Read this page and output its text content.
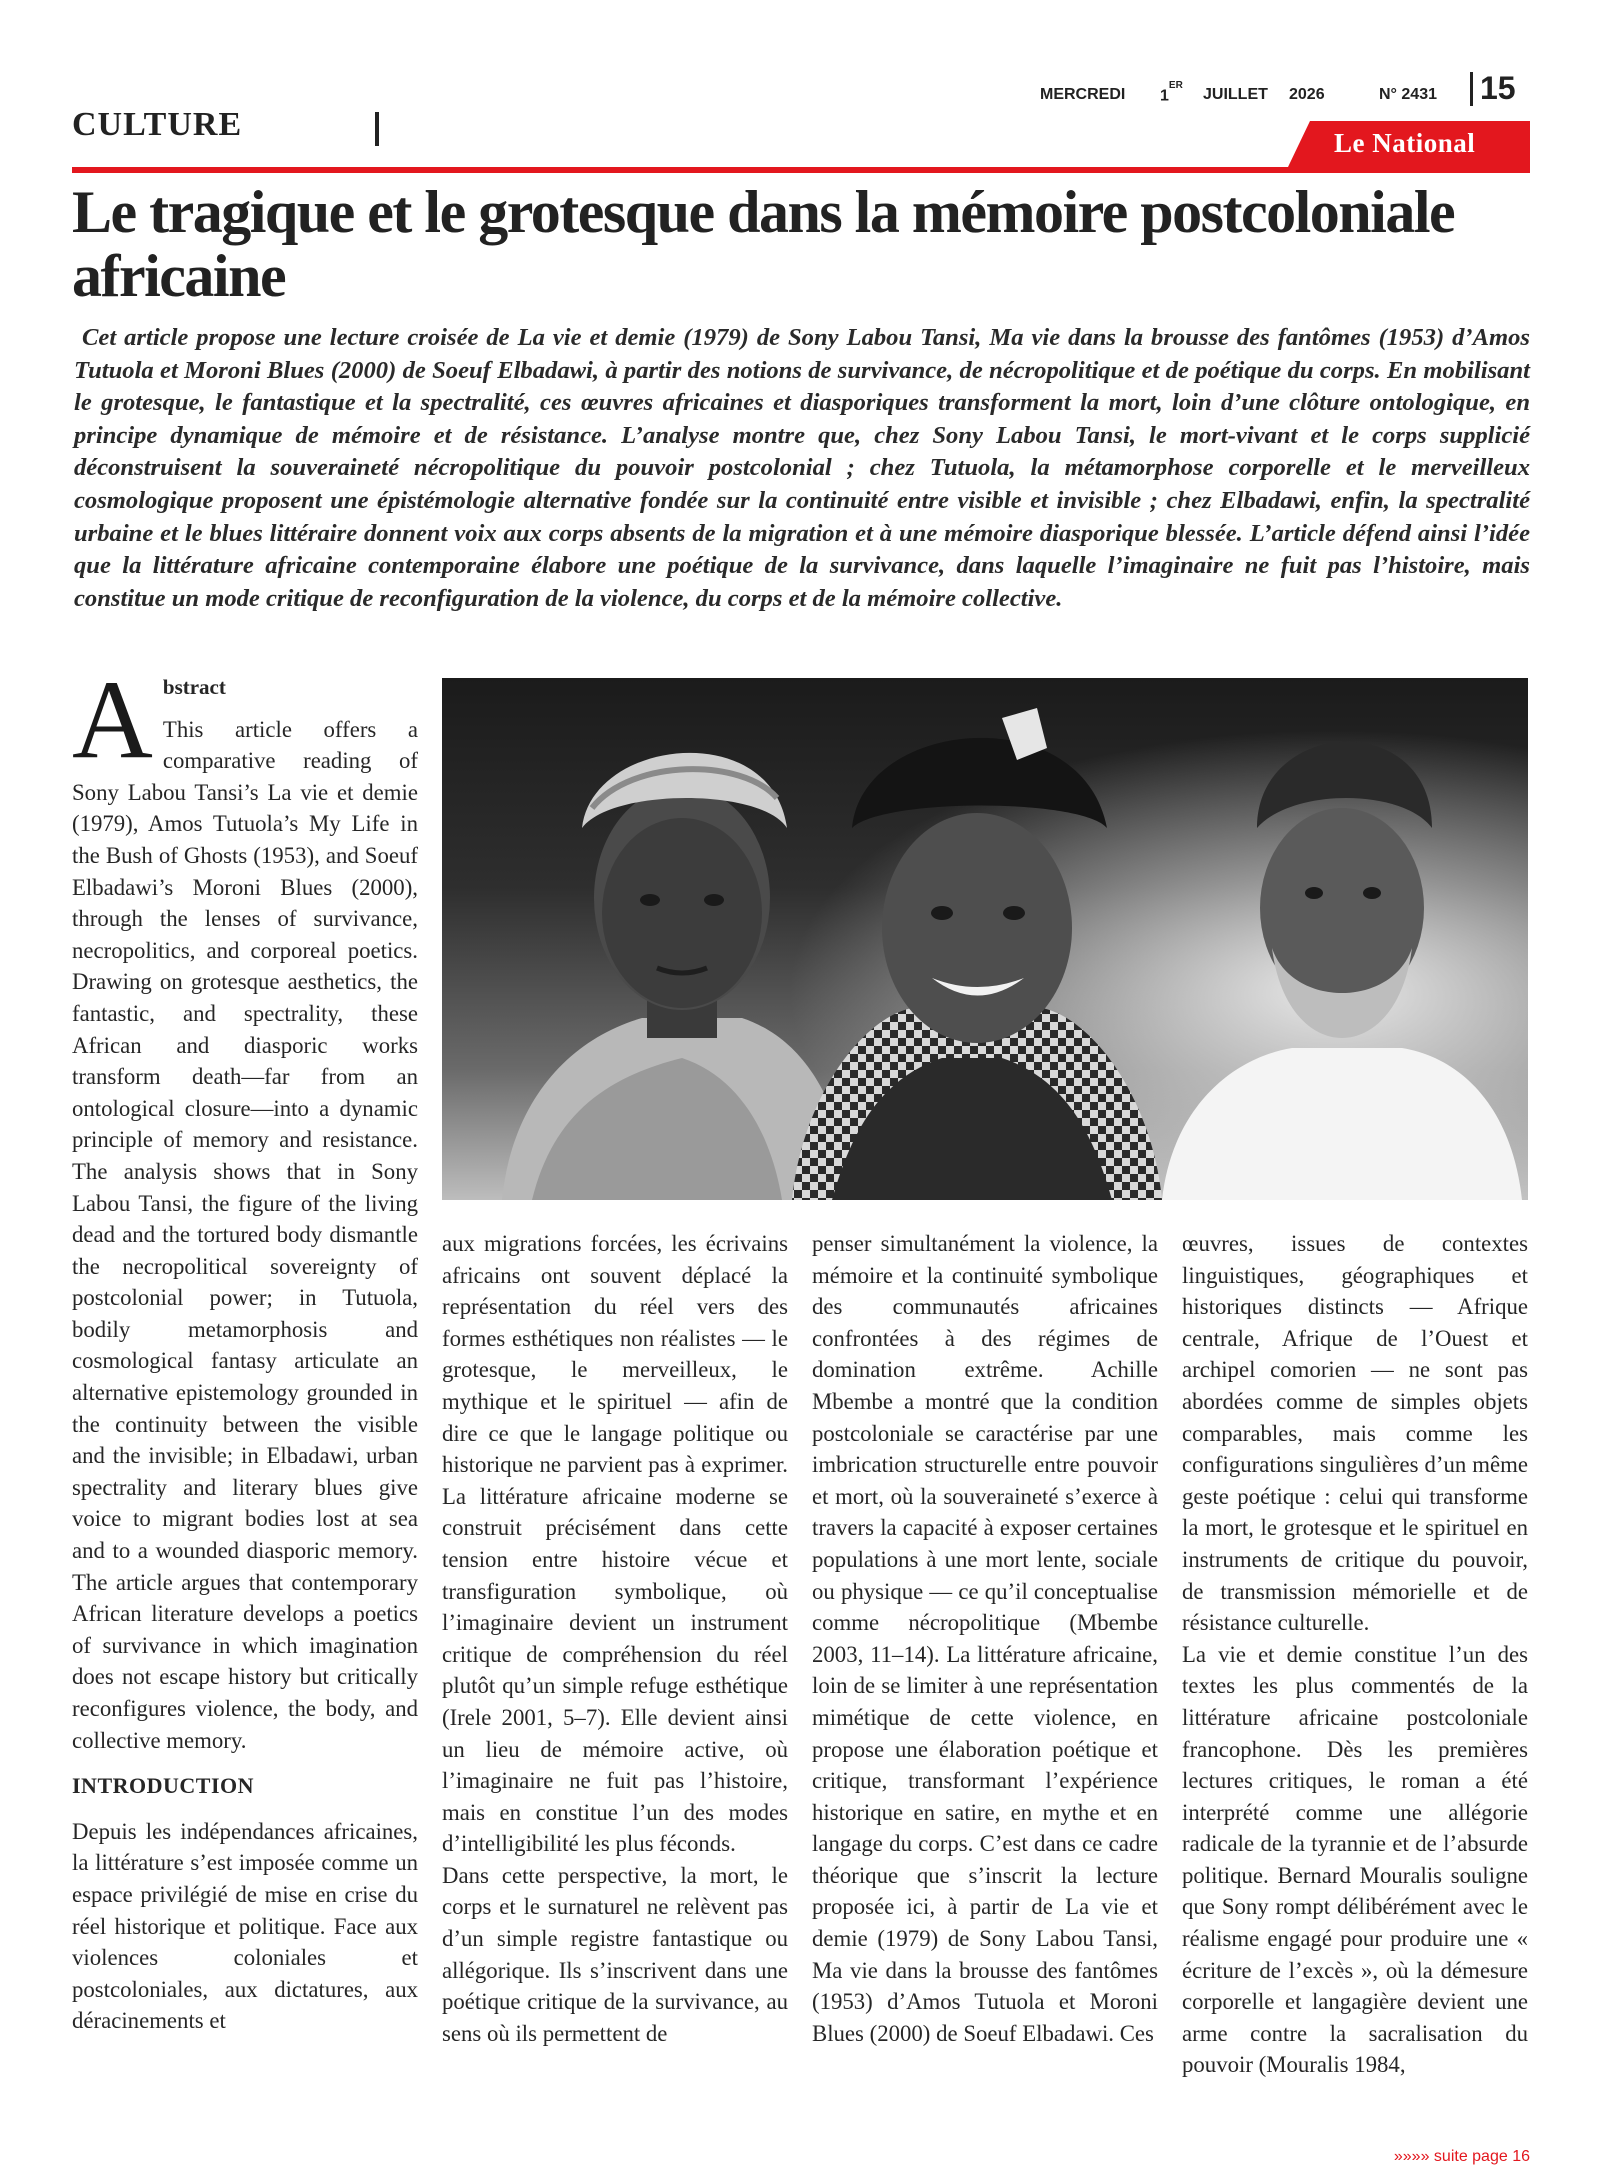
MERCREDI 1ER
JUILLET 2026	N° 2431 15
CULTURE	Le National
Le tragique et le grotesque dans la mémoire postcoloniale africaine

Cet article propose une lecture croisée de La vie et demie (1979) de Sony Labou Tansi, Ma vie dans la brousse des fantômes (1953) d’Amos Tutuola et Moroni Blues (2000) de Soeuf Elbadawi, à partir des notions de survivance, de nécropolitique et de poétique du corps. En mobilisant le grotesque, le fantastique et la spectralité, ces œuvres africaines et diasporiques transforment la mort, loin d’une clôture ontologique, en principe dynamique de mémoire et de résistance. L’analyse montre que, chez Sony Labou Tansi, le mort-vivant et le corps supplicié déconstruisent la souveraineté nécropolitique du pouvoir postcolonial ; chez Tutuola, la métamorphose corporelle et le merveilleux cosmologique proposent une épistémologie alternative fondée sur la continuité entre visible et invisible ; chez Elbadawi, enfin, la spectralité urbaine et le blues littéraire donnent voix aux corps absents de la migration et à une mémoire diasporique blessée. L’article défend ainsi l’idée que la littérature africaine contemporaine élabore une poétique de la survivance, dans laquelle l’imaginaire ne fuit pas l’histoire, mais constitue un mode critique de reconfiguration de la violence, du corps et de la mémoire collective.

A bstract

This article offers a comparative reading of Sony Labou Tansi’s La vie et demie (1979), Amos Tutuola’s My Life in the Bush of Ghosts (1953), and Soeuf Elbadawi’s Moroni Blues (2000), through the lenses of survivance, necropolitics, and corporeal poetics. Drawing on grotesque aesthetics, the fantastic, and spectrality, these African and diasporic works transform death—far from an ontological closure—into a dynamic principle of memory and resistance. The analysis shows that in Sony Labou Tansi, the figure of the living dead and the tortured body dismantle the necropolitical sovereignty of postcolonial power; in Tutuola, bodily metamorphosis and cosmological fantasy articulate an alternative epistemology grounded in the continuity between the visible and the invisible; in Elbadawi, urban spectrality and literary blues give voice to migrant bodies lost at sea and to a wounded diasporic memory. The article argues that contemporary African literature develops a poetics of survivance in which imagination does not escape history but critically reconfigures violence, the body, and collective memory.

INTRODUCTION

Depuis les indépendances africaines, la littérature s’est imposée comme un espace privilégié de mise en crise du réel historique et politique. Face aux violences coloniales et postcoloniales, aux dictatures, aux déracinements et

aux migrations forcées, les écrivains africains ont souvent déplacé la représentation du réel vers des formes esthétiques non réalistes — le grotesque, le merveilleux, le mythique et le spirituel — afin de dire ce que le langage politique ou historique ne parvient pas à exprimer. La littérature africaine moderne se construit précisément dans cette tension entre histoire vécue et transfiguration symbolique, où l’imaginaire devient un instrument critique de compréhension du réel plutôt qu’un simple refuge esthétique (Irele 2001, 5–7). Elle devient ainsi un lieu de mémoire active, où l’imaginaire ne fuit pas l’histoire, mais en constitue l’un des modes d’intelligibilité les plus féconds.

Dans cette perspective, la mort, le corps et le surnaturel ne relèvent pas d’un simple registre fantastique ou allégorique. Ils s’inscrivent dans une poétique critique de la survivance, au sens où ils permettent de

penser simultanément la violence, la mémoire et la continuité symbolique des communautés africaines confrontées à des régimes de domination extrême. Achille Mbembe a montré que la condition postcoloniale se caractérise par une imbrication structurelle entre pouvoir et mort, où la souveraineté s’exerce à travers la capacité à exposer certaines populations à une mort lente, sociale ou physique — ce qu’il conceptualise comme nécropolitique (Mbembe 2003, 11–14). La littérature africaine, loin de se limiter à une représentation mimétique de cette violence, en propose une élaboration poétique et critique, transformant l’expérience historique en satire, en mythe et en langage du corps. C’est dans ce cadre théorique que s’inscrit la lecture proposée ici, à partir de La vie et demie (1979) de Sony Labou Tansi, Ma vie dans la brousse des fantômes (1953) d’Amos Tutuola et Moroni Blues (2000) de Soeuf Elbadawi. Ces

œuvres, issues de contextes linguistiques, géographiques et historiques distincts — Afrique centrale, Afrique de l’Ouest et archipel comorien — ne sont pas abordées comme de simples objets comparables, mais comme les configurations singulières d’un même geste poétique : celui qui transforme la mort, le grotesque et le spirituel en instruments de critique du pouvoir, de transmission mémorielle et de résistance culturelle.

La vie et demie constitue l’un des textes les plus commentés de la littérature africaine postcoloniale francophone. Dès les premières lectures critiques, le roman a été interprété comme une allégorie radicale de la tyrannie et de l’absurde politique. Bernard Mouralis souligne que Sony rompt délibérément avec le réalisme engagé pour produire une « écriture de l’excès », où la démesure corporelle et langagière devient une arme contre la sacralisation du pouvoir (Mouralis 1984,

»»»» suite page 16
